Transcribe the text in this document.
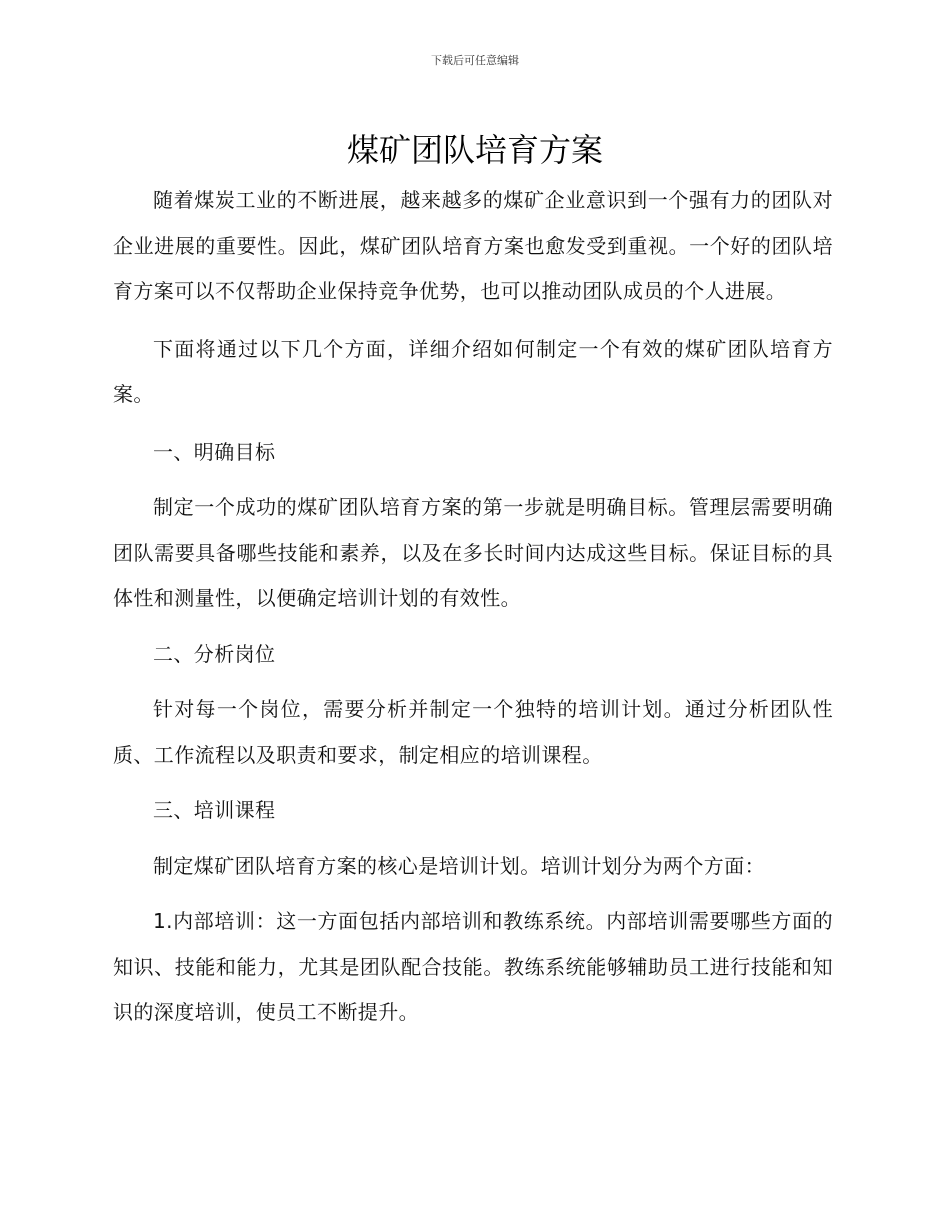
下载后可任意编辑
煤矿团队培育方案

随着煤炭工业的不断进展，越来越多的煤矿企业意识到一个强有力的团队对企业进展的重要性。因此，煤矿团队培育方案也愈发受到重视。一个好的团队培育方案可以不仅帮助企业保持竞争优势，也可以推动团队成员的个人进展。

下面将通过以下几个方面，详细介绍如何制定一个有效的煤矿团队培育方案。

一、明确目标

制定一个成功的煤矿团队培育方案的第一步就是明确目标。管理层需要明确团队需要具备哪些技能和素养，以及在多长时间内达成这些目标。保证目标的具体性和测量性，以便确定培训计划的有效性。

二、分析岗位

针对每一个岗位，需要分析并制定一个独特的培训计划。通过分析团队性质、工作流程以及职责和要求，制定相应的培训课程。

三、培训课程

制定煤矿团队培育方案的核心是培训计划。培训计划分为两个方面：

1.内部培训：这一方面包括内部培训和教练系统。内部培训需要哪些方面的知识、技能和能力，尤其是团队配合技能。教练系统能够辅助员工进行技能和知识的深度培训，使员工不断提升。
